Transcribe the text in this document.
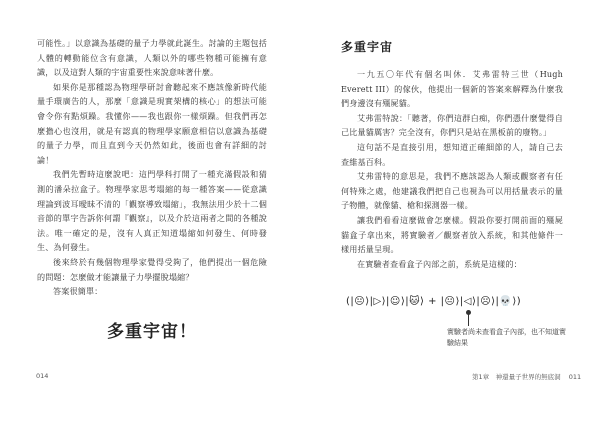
可能性。」以意識為基礎的量子力學就此誕生。討論的主題包括人體的轉動能位含有意識，人類以外的哪些物種可能擁有意識，以及這對人類的宇宙重要性來說意味著什麼。

如果你是那種認為物理學研討會聽起來不應該像新時代能量手環廣告的人，那麼「意識是現實架構的核心」的想法可能會令你有點煩躁。我懂你——我也跟你一樣煩躁。但我們再怎麼擔心也沒用，就是有認真的物理學家願意相信以意識為基礎的量子力學，而且直到今天仍然如此，後面也會有詳細的討論！

我們先暫時這麼說吧：這門學科打開了一種充滿假設和猜測的潘朵拉盒子。物理學家思考塌縮的每一種答案——從意識理論到波耳曖昧不清的「觀察導致塌縮」，我無法用少於十二個音節的單字告訴你何謂『觀察』，以及介於這兩者之間的各種說法。唯一確定的是，沒有人真正知道塌縮如何發生、何時發生、為何發生。

後來終於有幾個物理學家覺得受夠了，他們提出一個危險的問題：怎麼做才能讓量子力學擺脫塌縮？

答案很簡單：

多重宇宙！
014
多重宇宙

一九五〇年代有個名叫休．艾弗雷特三世（Hugh Everett III）的傢伙，他提出一個新的答案來解釋為什麼我們身邊沒有殭屍貓。

艾弗雷特說：「聽著，你們這群白痴，你們憑什麼覺得自己比量貓厲害？完全沒有，你們只是站在黑板前的廢物。」

這句話不是直接引用，想知道正確細節的人，請自己去查維基百科。

艾弗雷特的意思是，我們不應該認為人類或觀察者有任何特殊之處，他建議我們把自己也視為可以用括量表示的量子物體，就像貓、槍和探測器一樣。

讓我們看看這麼做會怎麼樣。假設你要打開前面的殭屍貓盒子拿出來，將實驗者／觀察者放入系統，和其他條件一樣用括量呈現。

在實驗者查看盒子內部之前，系統是這樣的：

(|😐⟩|▷⟩|☺⟩|🐱⟩ + |😐⟩|◁⟩|☹⟩|💀⟩)
實驗者尚未查看盒子內部，也不知道實驗結果
第1章　神還量子世界的無底洞 011
